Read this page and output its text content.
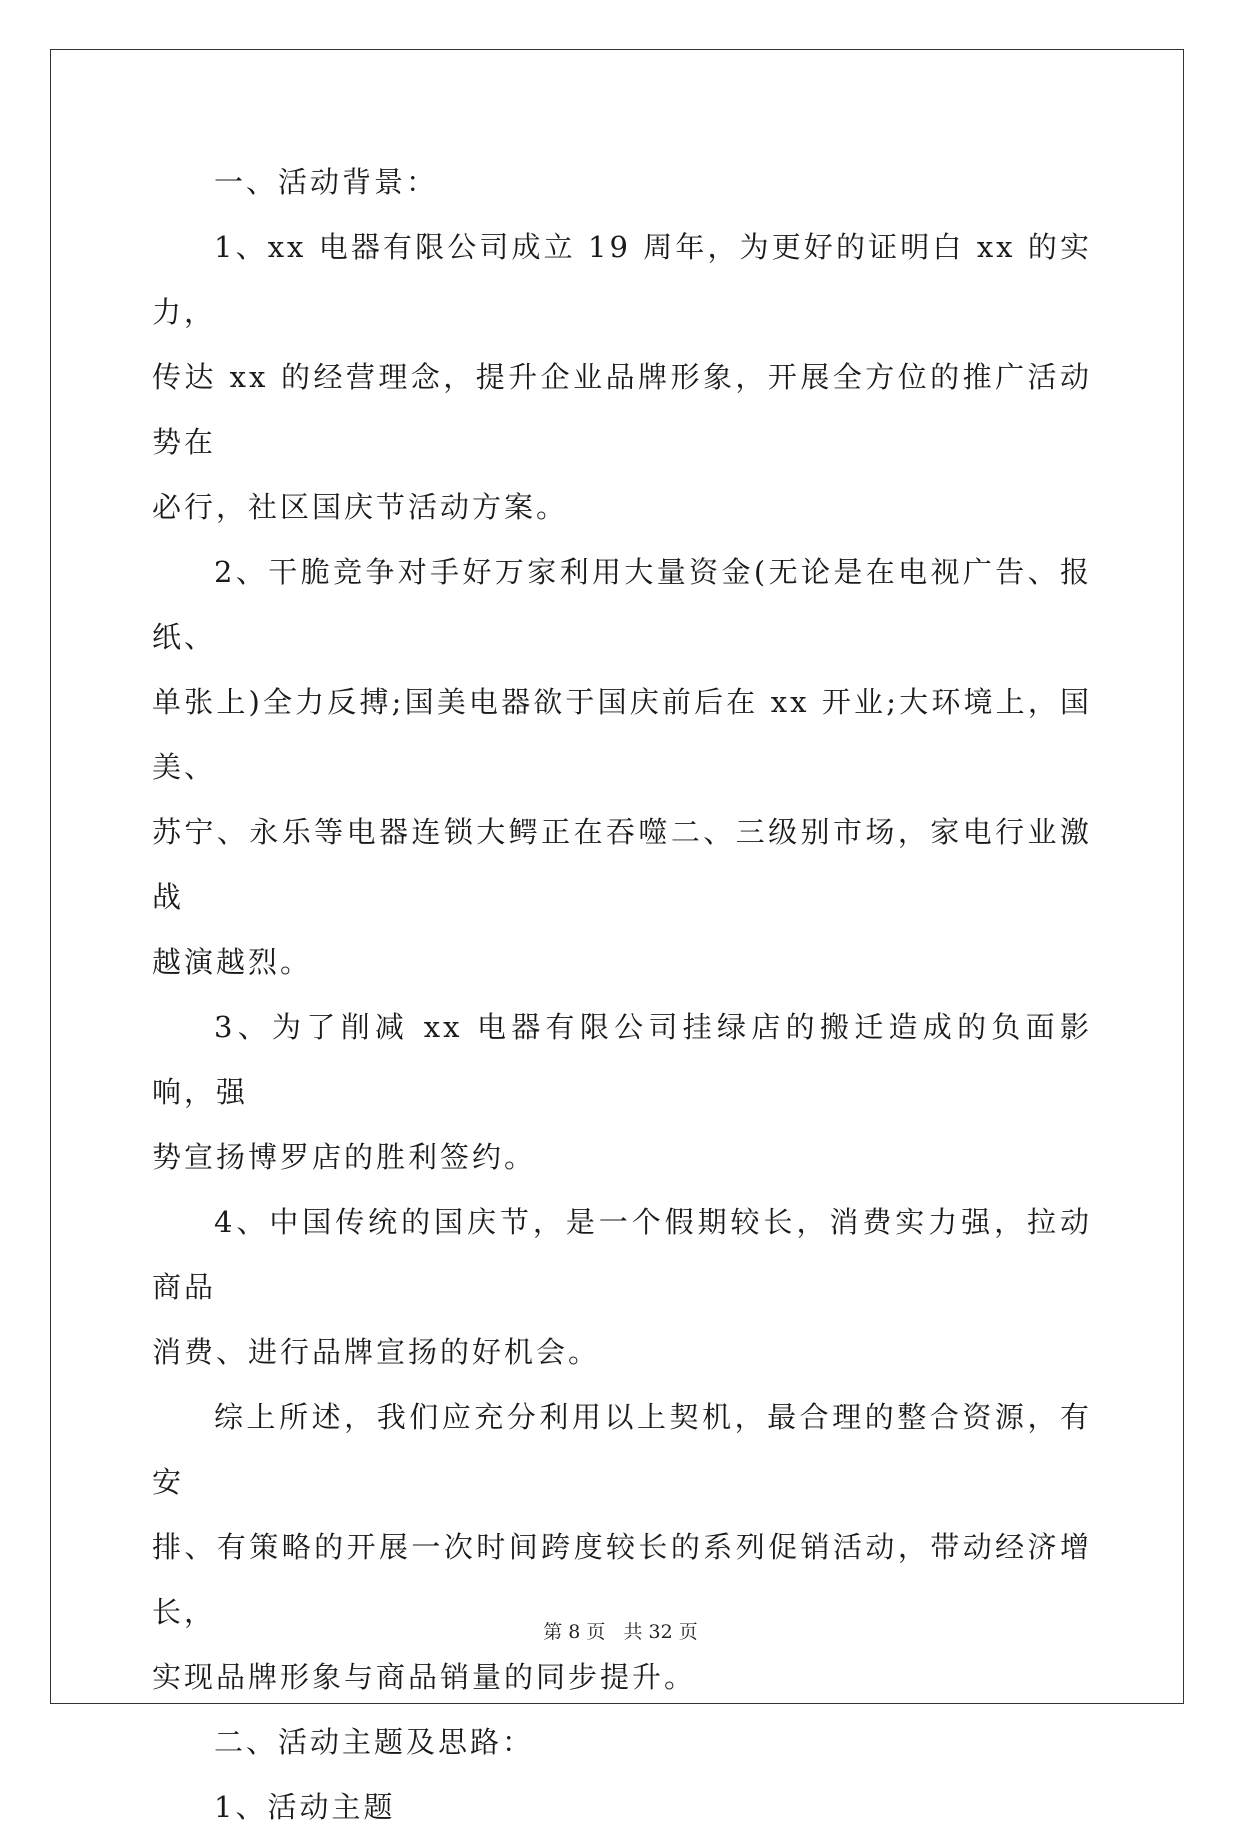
一、活动背景：

1、xx 电器有限公司成立 19 周年，为更好的证明白 xx 的实力，
传达 xx 的经营理念，提升企业品牌形象，开展全方位的推广活动势在
必行，社区国庆节活动方案。

2、干脆竞争对手好万家利用大量资金(无论是在电视广告、报纸、
单张上)全力反搏;国美电器欲于国庆前后在 xx 开业;大环境上，国美、
苏宁、永乐等电器连锁大鳄正在吞噬二、三级别市场，家电行业激战
越演越烈。

3、为了削减 xx 电器有限公司挂绿店的搬迁造成的负面影响，强
势宣扬博罗店的胜利签约。

4、中国传统的国庆节，是一个假期较长，消费实力强，拉动商品
消费、进行品牌宣扬的好机会。

综上所述，我们应充分利用以上契机，最合理的整合资源，有安
排、有策略的开展一次时间跨度较长的系列促销活动，带动经济增长，
实现品牌形象与商品销量的同步提升。

二、活动主题及思路：

1、活动主题

第 8 页 共 32 页
